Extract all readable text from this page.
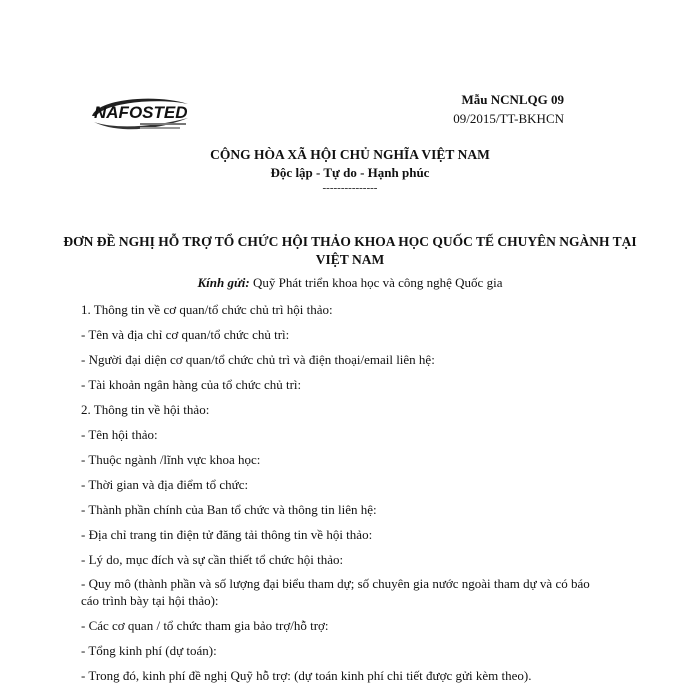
NAFOSTED
Mẫu NCNLQG 09
09/2015/TT-BKHCN
CỘNG HÒA XÃ HỘI CHỦ NGHĨA VIỆT NAM
Độc lập - Tự do - Hạnh phúc
---------------
ĐƠN ĐỀ NGHỊ HỖ TRỢ TỔ CHỨC HỘI THẢO KHOA HỌC QUỐC TẾ CHUYÊN NGÀNH TẠI VIỆT NAM
Kính gửi: Quỹ Phát triển khoa học và công nghệ Quốc gia
1. Thông tin về cơ quan/tổ chức chủ trì hội thảo:
- Tên và địa chỉ cơ quan/tổ chức chủ trì:
- Người đại diện cơ quan/tổ chức chủ trì và điện thoại/email liên hệ:
- Tài khoản ngân hàng của tổ chức chủ trì:
2. Thông tin về hội thảo:
- Tên hội thảo:
- Thuộc ngành /lĩnh vực khoa học:
- Thời gian và địa điểm tổ chức:
- Thành phần chính của Ban tổ chức và thông tin liên hệ:
- Địa chỉ trang tin điện tử đăng tải thông tin về hội thảo:
- Lý do, mục đích và sự cần thiết tổ chức hội thảo:
- Quy mô (thành phần và số lượng đại biểu tham dự; số chuyên gia nước ngoài tham dự và có báo cáo trình bày tại hội thảo):
- Các cơ quan / tổ chức tham gia bảo trợ/hỗ trợ:
- Tổng kinh phí (dự toán):
- Trong đó, kinh phí đề nghị Quỹ hỗ trợ: (dự toán kinh phí chi tiết được gửi kèm theo).
